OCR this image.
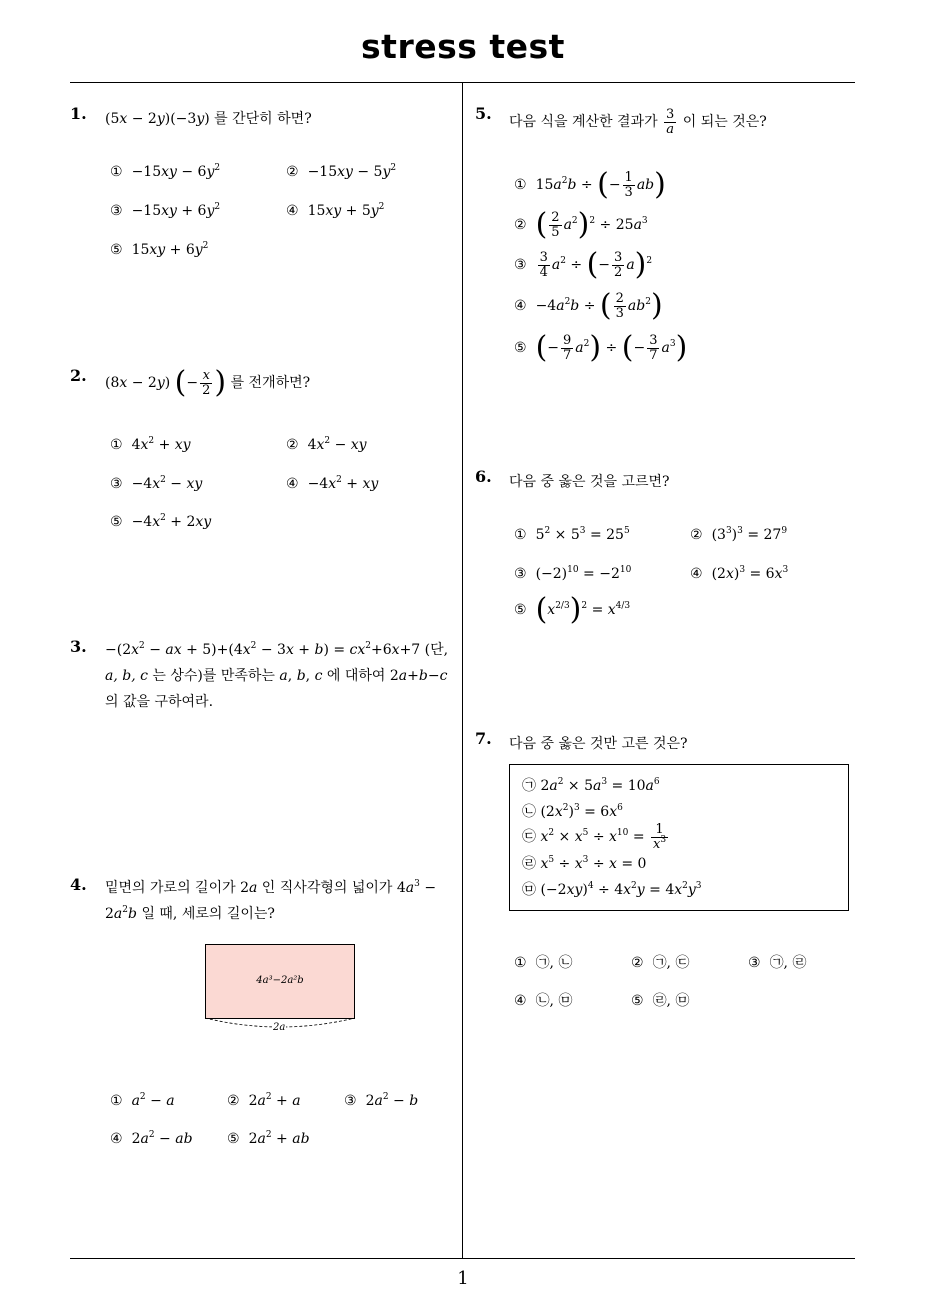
stress test
1
1. (5x − 2y)(−3y) 를 간단히 하면?
① $-15xy - 6y^2$	② $-15xy - 5y^2$
③ $-15xy + 6y^2$	④ $15xy + 5y^2$
⑤ $15xy + 6y^2$
2. (8x − 2y) (− $\frac{x}{2}$ ) 를 전개하면?
① $4x^2$ + xy	② $4x^2$ − xy
③ $-4x^2$ − xy	④ $-4x^2$ + xy
⑤ $-4x^2 + 2xy$
3. $-(2x^2$ − ax + $5)+(4x^2 - 3x + b) = cx^2+6x+7$ (단,
a, b, c 는 상수)를 만족하는 a, b, c 에 대하여 2a+b−c
의 값을 구하여라.
4. 밑면의 가로의 길이가 2a 인 직사각형의 넓이가 $4a^3$ −
$2a^2b$ 일 때, 세로의 길이는?
4a³−2a²b
2a
① $a^2 - a$	② $2a^2 + a$	③ $2a^2 - b$
④ $2a^2$ − ab ⑤ $2a^2$ + ab
5. 다음 식을 계산한 결과가 $\frac{3}{a}$ 이 되는 것은?
① $15a^2b$ ÷ (− $\frac{1}{3} ab$)
② ( $\frac{2}{5} a^2)^2 \div 25a^3$
③ $\frac{3}{4} a^2$ ÷ (− $\frac{3}{2} a)^2$
④ $-4a^2b$ ÷ ( $\frac{2}{3} ab^2$)
⑤ (− $\frac{9}{7} a^2$) ÷ (− $\frac{3}{7} a^3$)
6. 다음 중 옳은 것을 고르면?
① $5^2 \times 5^3 = 25^5$	② $(3^3)^3 = 27^9$
③ $(-2)^{10} = -2^{10}$	④ $(2x)^3 = 6x^3$
⑤ $(x^{2/3})^2 = x^{4/3}$
7. 다음 중 옳은 것만 고른 것은?
㉠ $2a^2 \times 5a^3 = 10a^6$
㉡ $(2x^2)^3 = 6x^6$
㉢ $x^2 \times x^5 \div x^{10} = \frac{1}{x^3}$
㉣ $x^5 \div x^3 \div x = 0$
㉤ $(-2xy)^4 \div 4x^2y = 4x^2y^3$
① ㉠, ㉡	② ㉠, ㉢	③ ㉠, ㉣
④ ㉡, ㉤	⑤ ㉣, ㉤
